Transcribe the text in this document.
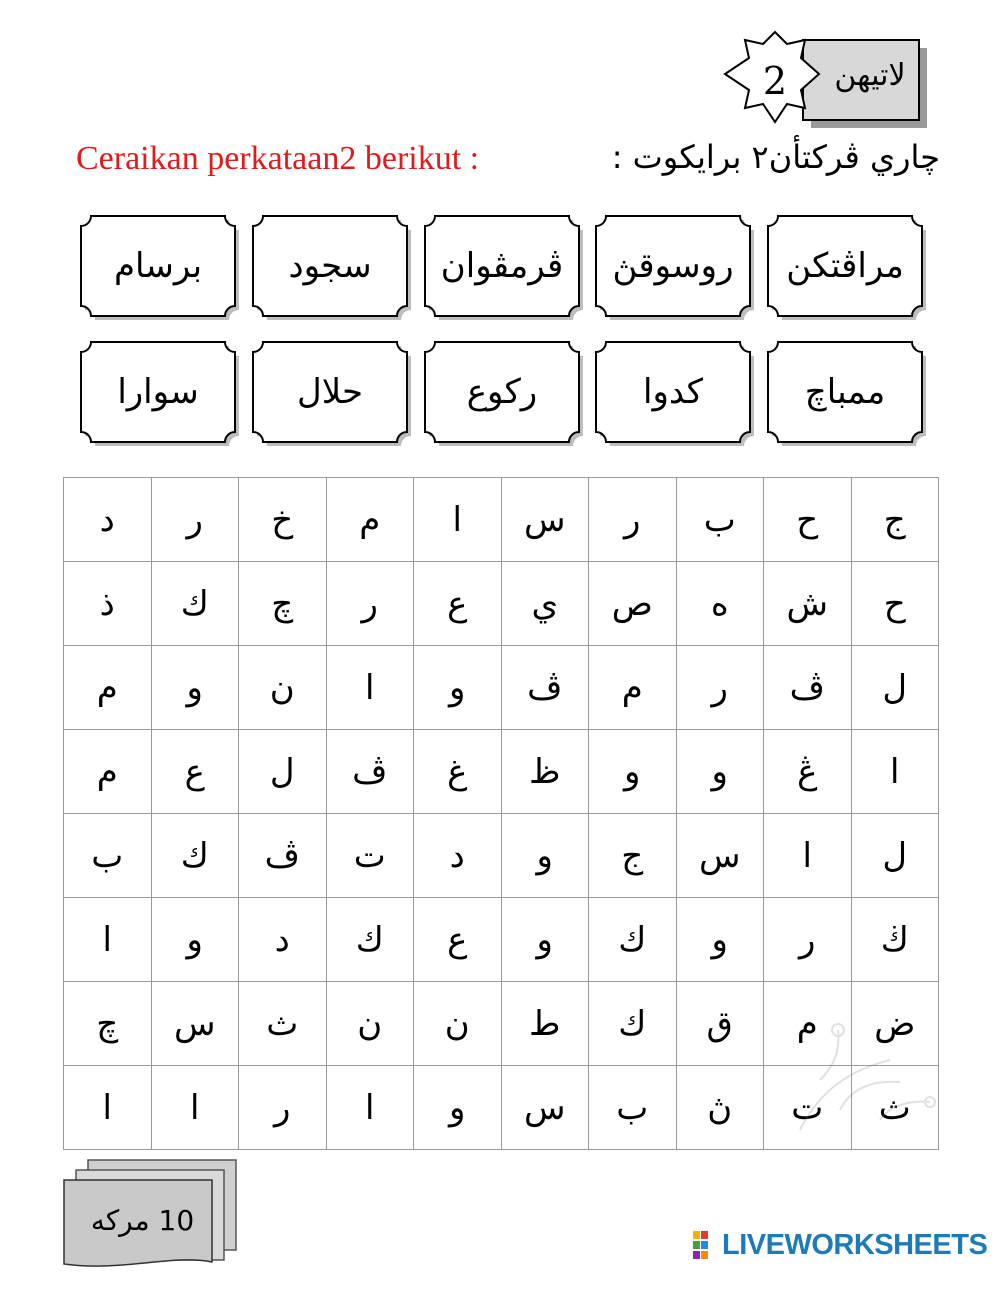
2	لاتيهن
Ceraikan perkataan2 berikut :	چاري ڤرکتأن٢ برايکوت :
مراڤتکن
روسوقڽ
ڤرمڤوان
سجود
برسام
ممباچ
کدوا
رکوع
حلال
سوارا
د	ر	خ	م	ا	س	ر	ب	ح	ج
ذ	ك	چ	ر	ع	ي	ص	ه	ش	ح
م	و	ن	ا	و	ڤ	م	ر	ڤ	ل
م	ع	ل	ڤ	غ	ظ	و	و	ڠ	ا
ب	ك	ڤ	ت	د	و	ج	س	ا	ل
ا	و	د	ك	ع	و	ك	و	ر	ڬ
چ	س	ث	ن	ن	ط	ك	ق	م	ض
ا	ا	ر	ا	و	س	ب	ڽ	ت	ث
10 مرکه
LIVEWORKSHEETS
